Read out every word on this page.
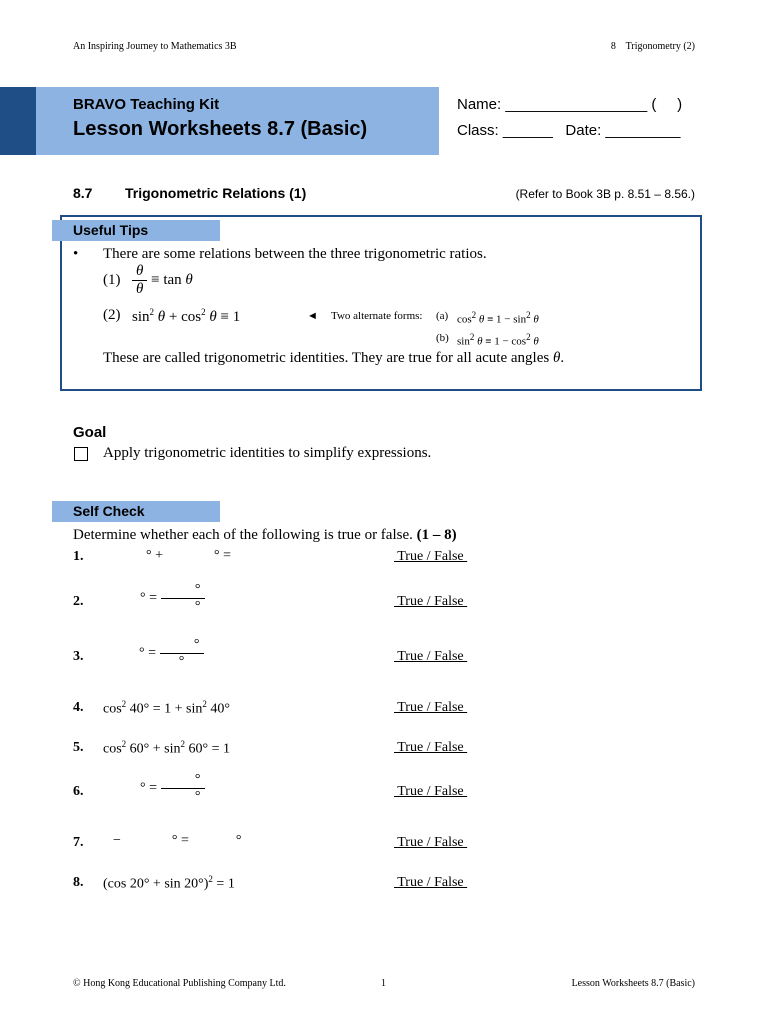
An Inspiring Journey to Mathematics 3B	8    Trigonometry (2)
BRAVO Teaching Kit
Lesson Worksheets 8.7 (Basic)
Name: _________________ (     )
Class: ______   Date: _________
8.7 Trigonometric Relations (1)	(Refer to Book 3B p. 8.51 – 8.56.)
Useful Tips
• There are some relations between the three trigonometric ratios.
$(1) \frac{\theta}{\theta} \equiv \tan \theta$
(2) $\sin^2 \theta + \cos^2 \theta \equiv 1$	◄ Two alternate forms: (a) $\cos^2 \theta \equiv 1 - \sin^2 \theta$
(b) $\sin^2 \theta \equiv 1 - \cos^2 \theta$
These are called trigonometric identities. They are true for all acute angles θ.
Goal
Apply trigonometric identities to simplify expressions.
Self Check
Determine whether each of the following is true or false. (1 – 8)
1.	° +	° =	True / False
2.	° = $\frac{^\circ}{^\circ}$	True / False
3.	° = $\frac{^\circ}{^\circ}$	True / False
4. $\cos^2 40^\circ = 1 + \sin^2 40^\circ$	True / False
5. $\cos^2 60^\circ + \sin^2 60^\circ = 1$	True / False
6.	° = $\frac{^\circ}{^\circ}$	True / False
7. −	° =	°	True / False
8. (cos 20° + sin 20°)$^2$ = 1	True / False
© Hong Kong Educational Publishing Company Ltd.	1	Lesson Worksheets 8.7 (Basic)
